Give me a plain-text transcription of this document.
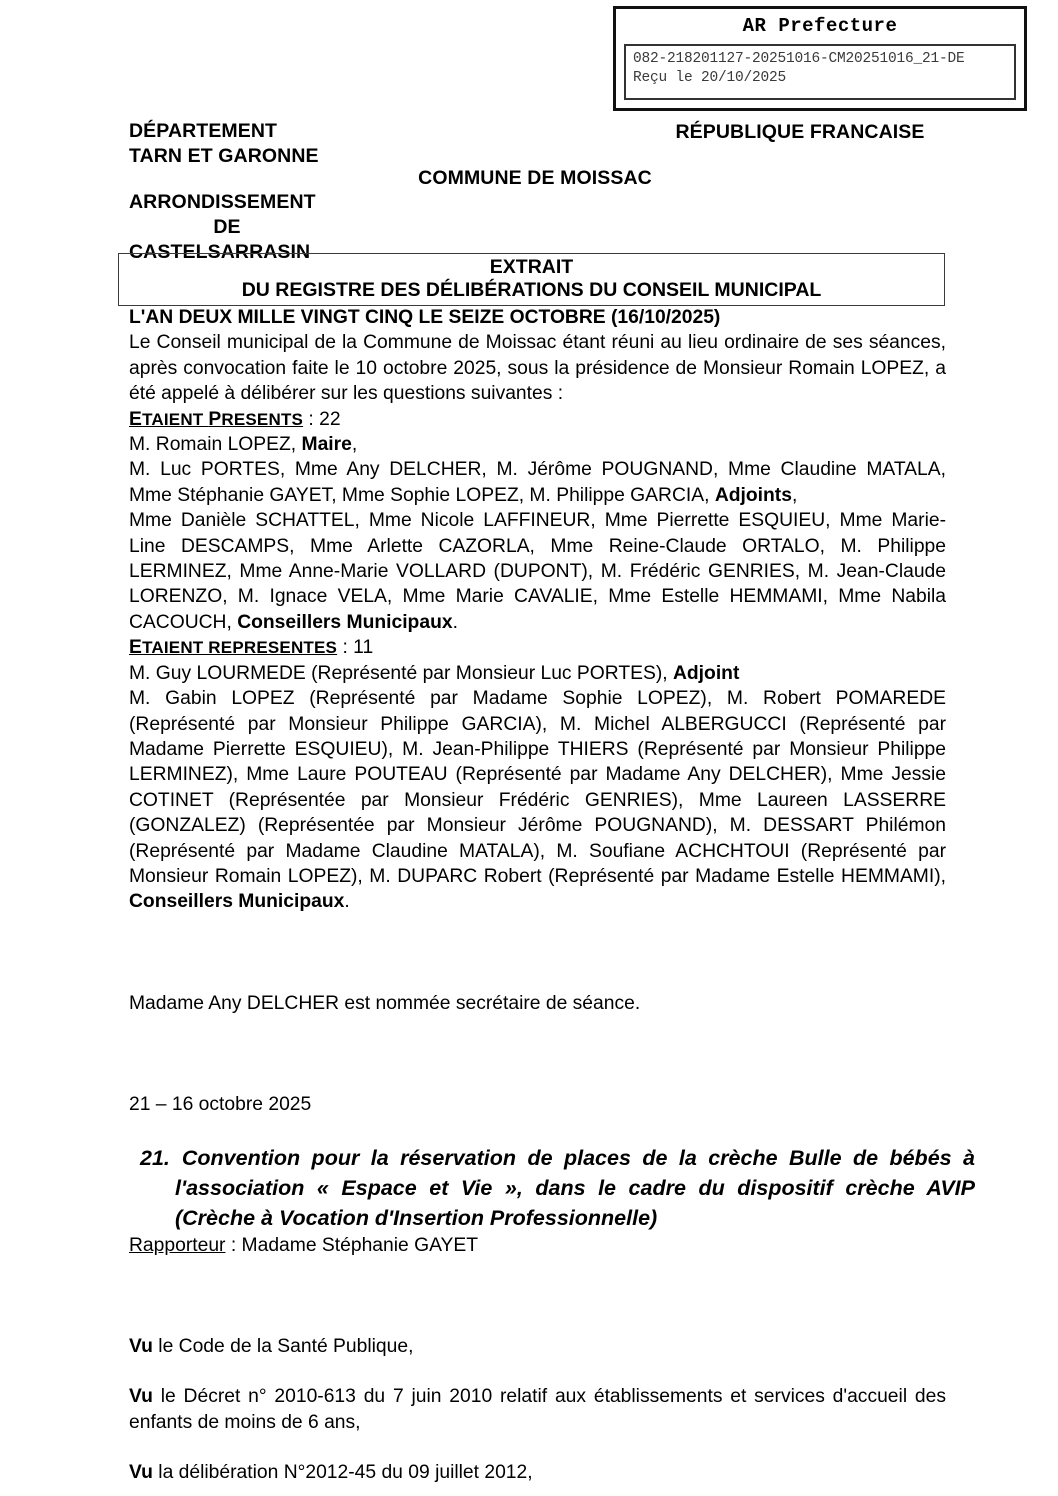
AR Prefecture
082-218201127-20251016-CM20251016_21-DE
Reçu le 20/10/2025
DÉPARTEMENT
TARN ET GARONNE
ARRONDISSEMENT
DE
CASTELSARRASIN
RÉPUBLIQUE FRANCAISE
COMMUNE DE MOISSAC
EXTRAIT
DU REGISTRE DES DÉLIBÉRATIONS DU CONSEIL MUNICIPAL

L'AN DEUX MILLE VINGT CINQ LE SEIZE OCTOBRE (16/10/2025)

Le Conseil municipal de la Commune de Moissac étant réuni au lieu ordinaire de ses séances, après convocation faite le 10 octobre 2025, sous la présidence de Monsieur Romain LOPEZ, a été appelé à délibérer sur les questions suivantes :

ETAIENT PRESENTS : 22

M. Romain LOPEZ, Maire,

M. Luc PORTES, Mme Any DELCHER, M. Jérôme POUGNAND, Mme Claudine MATALA, Mme Stéphanie GAYET, Mme Sophie LOPEZ, M. Philippe GARCIA, Adjoints,

Mme Danièle SCHATTEL, Mme Nicole LAFFINEUR, Mme Pierrette ESQUIEU, Mme Marie-Line DESCAMPS, Mme Arlette CAZORLA, Mme Reine-Claude ORTALO, M. Philippe LERMINEZ, Mme Anne-Marie VOLLARD (DUPONT), M. Frédéric GENRIES, M. Jean-Claude LORENZO, M. Ignace VELA, Mme Marie CAVALIE, Mme Estelle HEMMAMI, Mme Nabila CACOUCH, Conseillers Municipaux.

ETAIENT REPRESENTES : 11

M. Guy LOURMEDE (Représenté par Monsieur Luc PORTES), Adjoint

M. Gabin LOPEZ (Représenté par Madame Sophie LOPEZ), M. Robert POMAREDE (Représenté par Monsieur Philippe GARCIA), M. Michel ALBERGUCCI (Représenté par Madame Pierrette ESQUIEU), M. Jean-Philippe THIERS (Représenté par Monsieur Philippe LERMINEZ), Mme Laure POUTEAU (Représenté par Madame Any DELCHER), Mme Jessie COTINET (Représentée par Monsieur Frédéric GENRIES), Mme Laureen LASSERRE (GONZALEZ) (Représentée par Monsieur Jérôme POUGNAND), M. DESSART Philémon (Représenté par Madame Claudine MATALA), M. Soufiane ACHCHTOUI (Représenté par Monsieur Romain LOPEZ), M. DUPARC Robert (Représenté par Madame Estelle HEMMAMI), Conseillers Municipaux.

Madame Any DELCHER est nommée secrétaire de séance.

21 – 16 octobre 2025

21. Convention pour la réservation de places de la crèche Bulle de bébés à l'association « Espace et Vie », dans le cadre du dispositif crèche AVIP (Crèche à Vocation d'Insertion Professionnelle)

Rapporteur : Madame Stéphanie GAYET

Vu le Code de la Santé Publique,

Vu le Décret n° 2010-613 du 7 juin 2010 relatif aux établissements et services d'accueil des enfants de moins de 6 ans,

Vu la délibération N°2012-45 du 09 juillet 2012,
